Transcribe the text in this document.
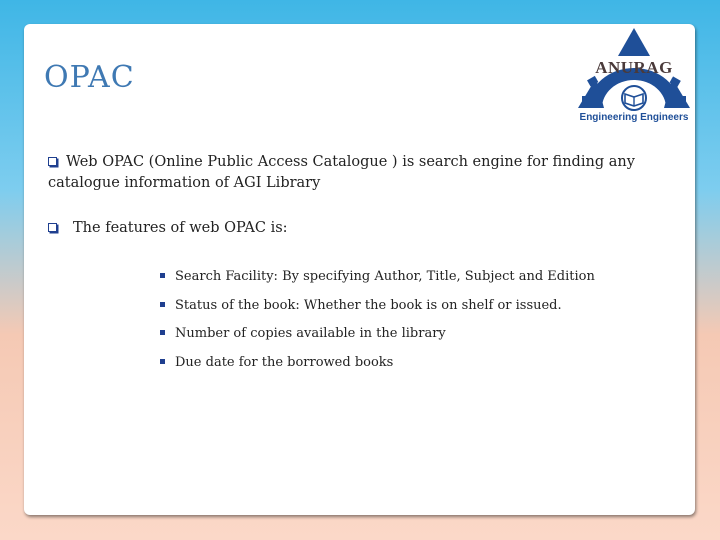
OPAC	ANURAG
Engineering Engineers

Web OPAC (Online Public Access Catalogue ) is search engine for finding any catalogue information of AGI Library

The features of web OPAC is:

Search Facility: By specifying Author, Title, Subject and Edition
Status of the book: Whether the book is on shelf or issued.
Number of copies available in the library
Due date for the borrowed books
